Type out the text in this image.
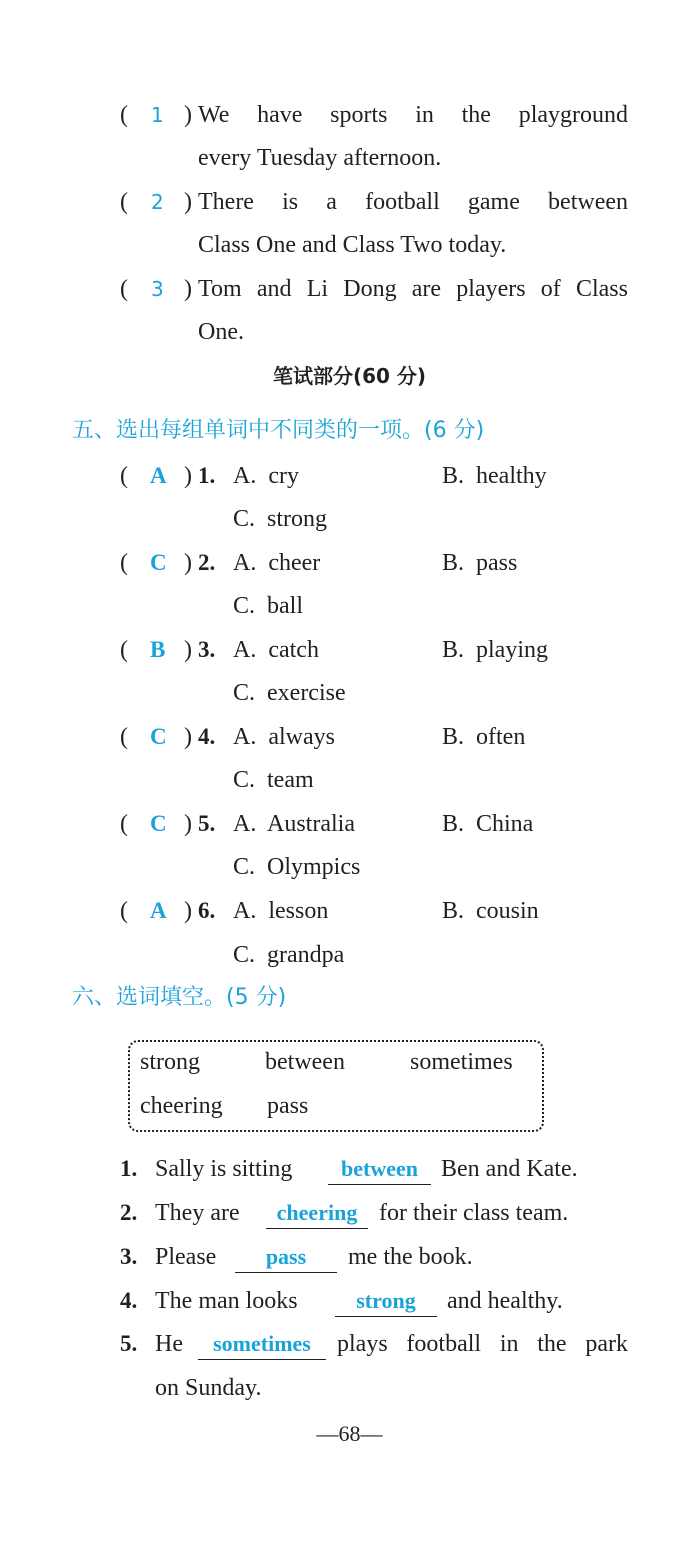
( 1 ) We have sports in the playground
every Tuesday afternoon.
( 2 ) There is a football game between
Class One and Class Two today.
( 3 ) Tom and Li Dong are players of Class
One.
笔试部分(60 分)
五、选出每组单词中不同类的一项。(6 分)
( A ) 1. A.  cry	B.  healthy
C.  strong
( C ) 2. A.  cheer	B.  pass
C.  ball
( B ) 3. A.  catch	B.  playing
C.  exercise
( C ) 4. A.  always	B.  often
C.  team
( C ) 5. A.  Australia	B.  China
C.  Olympics
( A ) 6. A.  lesson	B.  cousin
C.  grandpa
六、选词填空。(5 分)
strong	between	sometimes
cheering pass
1. Sally is sitting	between Ben and Kate.
2. They are	cheering for their class team.
3. Please	pass	me the book.
4. The man looks	strong	and healthy.
5. He	sometimes	plays football in the park
on Sunday.
—68—
